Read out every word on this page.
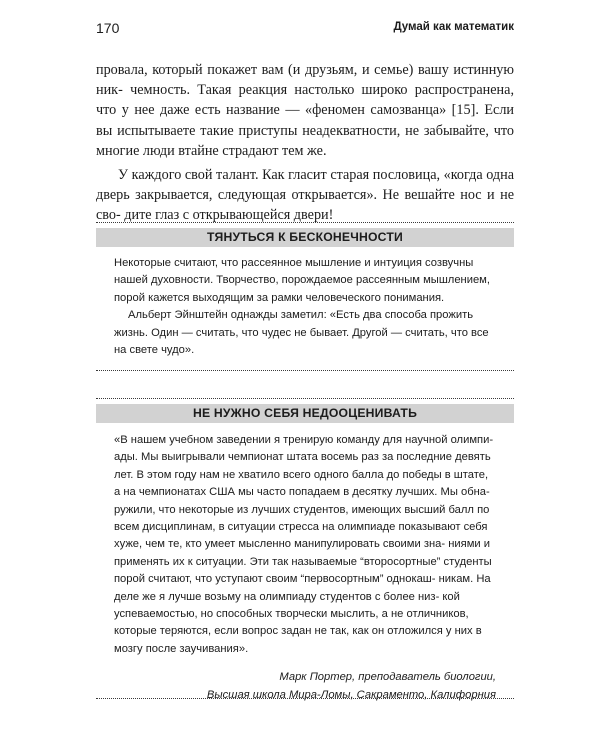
170	Думай как математик

провала, который покажет вам (и друзьям, и семье) вашу истинную ник- чемность. Такая реакция настолько широко распространена, что у нее даже есть название — «феномен самозванца» [15]. Если вы испытываете такие приступы неадекватности, не забывайте, что многие люди втайне страдают тем же.

У каждого свой талант. Как гласит старая пословица, «когда одна дверь закрывается, следующая открывается». Не вешайте нос и не сво- дите глаз с открывающейся двери!

ТЯНУТЬСЯ К БЕСКОНЕЧНОСТИ

Некоторые считают, что рассеянное мышление и интуиция созвучны нашей духовности. Творчество, порождаемое рассеянным мышлением, порой кажется выходящим за рамки человеческого понимания.

Альберт Эйнштейн однажды заметил: «Есть два способа прожить жизнь. Один — считать, что чудес не бывает. Другой — считать, что все на свете чудо».

НЕ НУЖНО СЕБЯ НЕДООЦЕНИВАТЬ

«В нашем учебном заведении я тренирую команду для научной олимпи- ады. Мы выигрывали чемпионат штата восемь раз за последние девять лет. В этом году нам не хватило всего одного балла до победы в штате, а на чемпионатах США мы часто попадаем в десятку лучших. Мы обна- ружили, что некоторые из лучших студентов, имеющих высший балл по всем дисциплинам, в ситуации стресса на олимпиаде показывают себя хуже, чем те, кто умеет мысленно манипулировать своими зна- ниями и применять их к ситуации. Эти так называемые “второсортные” студенты порой считают, что уступают своим “первосортным” однокаш- никам. На деле же я лучше возьму на олимпиаду студентов с более низ- кой успеваемостью, но способных творчески мыслить, а не отличников, которые теряются, если вопрос задан не так, как он отложился у них в мозгу после заучивания».

Марк Портер, преподаватель биологии,
Высшая школа Мира-Ломы, Сакраменто, Калифорния
